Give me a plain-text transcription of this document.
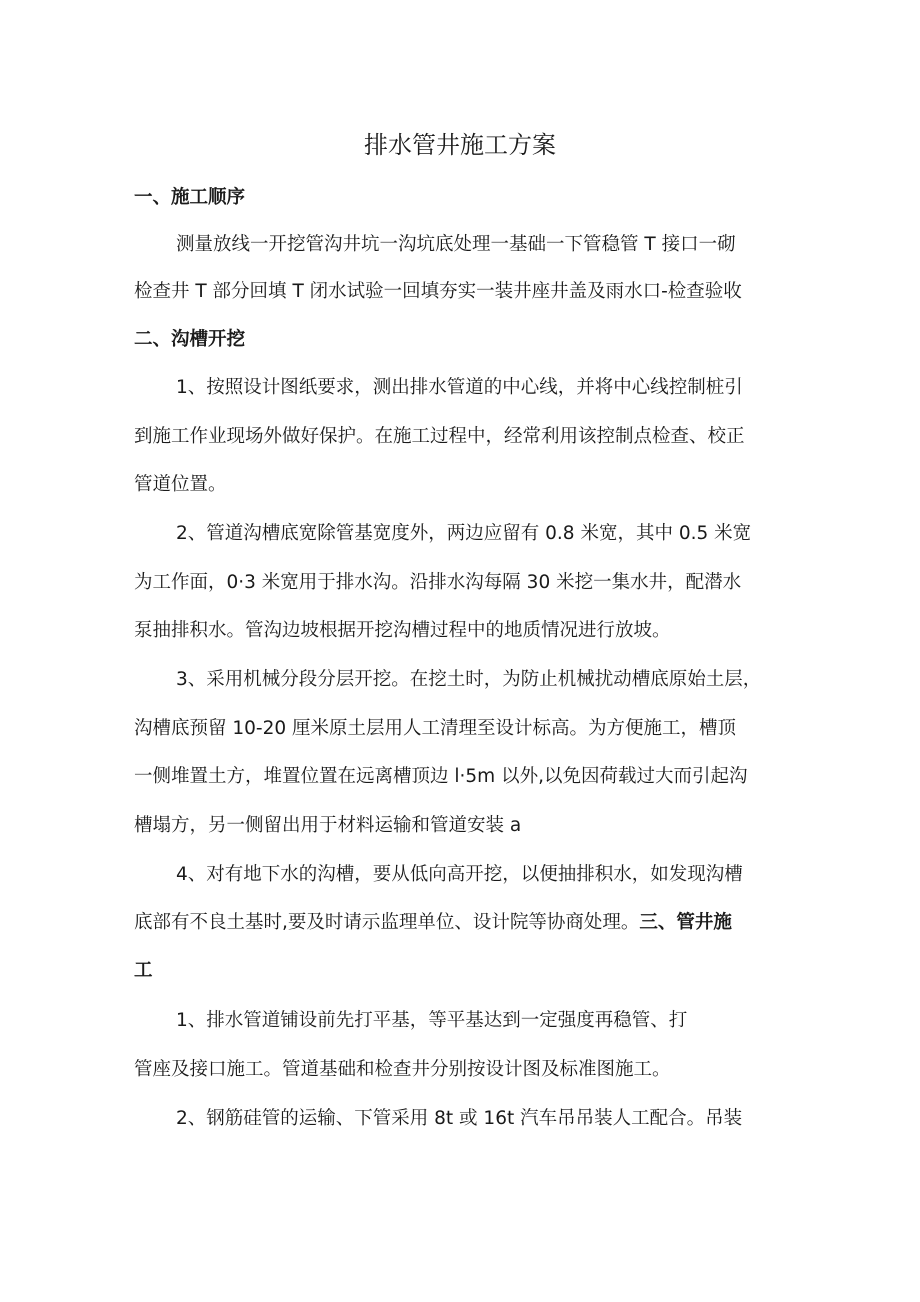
排水管井施工方案
一、施工顺序
测量放线一开挖管沟井坑一沟坑底处理一基础一下管稳管 T 接口一砌
检查井 T 部分回填 T 闭水试验一回填夯实一装井座井盖及雨水口-检查验收
二、沟槽开挖
1、按照设计图纸要求，测出排水管道的中心线，并将中心线控制桩引
到施工作业现场外做好保护。在施工过程中，经常利用该控制点检查、校正
管道位置。
2、管道沟槽底宽除管基宽度外，两边应留有 0.8 米宽，其中 0.5 米宽
为工作面，0·3 米宽用于排水沟。沿排水沟每隔 30 米挖一集水井，配潜水
泵抽排积水。管沟边坡根据开挖沟槽过程中的地质情况进行放坡。
3、采用机械分段分层开挖。在挖土时，为防止机械扰动槽底原始土层，
沟槽底预留 10-20 厘米原土层用人工清理至设计标高。为方便施工，槽顶
一侧堆置土方，堆置位置在远离槽顶边 l·5m 以外,以免因荷载过大而引起沟
槽塌方，另一侧留出用于材料运输和管道安装 a
4、对有地下水的沟槽，要从低向高开挖，以便抽排积水，如发现沟槽
底部有不良土基时,要及时请示监理单位、设计院等协商处理。三、管井施
工
1、排水管道铺设前先打平基，等平基达到一定强度再稳管、打
管座及接口施工。管道基础和检查井分别按设计图及标准图施工。
2、钢筋硅管的运输、下管采用 8t 或 16t 汽车吊吊装人工配合。吊装
